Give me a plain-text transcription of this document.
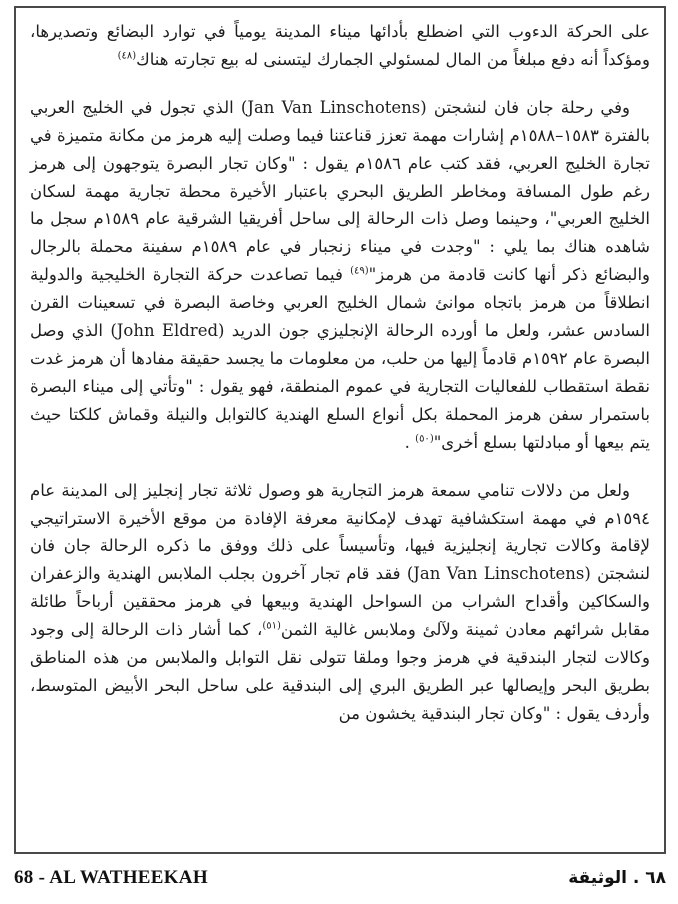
على الحركة الدءوب التي اضطلع بأدائها ميناء المدينة يومياً في توارد البضائع وتصديرها، ومؤكداً أنه دفع مبلغاً من المال لمسئولي الجمارك ليتسنى له بيع تجارته هناك$^{(٤٨)}$

وفي رحلة جان فان لنشجتن (Jan Van Linschotens) الذي تجول في الخليج العربي بالفترة ١٥٨٣–١٥٨٨م إشارات مهمة تعزز قناعتنا فيما وصلت إليه هرمز من مكانة متميزة في تجارة الخليج العربي، فقد كتب عام ١٥٨٦م يقول : "وكان تجار البصرة يتوجهون إلى هرمز رغم طول المسافة ومخاطر الطريق البحري باعتبار الأخيرة محطة تجارية مهمة لسكان الخليج العربي"، وحينما وصل ذات الرحالة إلى ساحل أفريقيا الشرقية عام ١٥٨٩م سجل ما شاهده هناك بما يلي : "وجدت في ميناء زنجبار في عام ١٥٨٩م سفينة محملة بالرجال والبضائع ذكر أنها كانت قادمة من هرمز"$^{(٤٩)}$ فيما تصاعدت حركة التجارة الخليجية والدولية انطلاقاً من هرمز باتجاه موانئ شمال الخليج العربي وخاصة البصرة في تسعينات القرن السادس عشر، ولعل ما أورده الرحالة الإنجليزي جون الدريد (John Eldred) الذي وصل البصرة عام ١٥٩٢م قادماً إليها من حلب، من معلومات ما يجسد حقيقة مفادها أن هرمز غدت نقطة استقطاب للفعاليات التجارية في عموم المنطقة، فهو يقول : "وتأتي إلى ميناء البصرة باستمرار سفن هرمز المحملة بكل أنواع السلع الهندية كالتوابل والنيلة وقماش كلكتا حيث يتم بيعها أو مبادلتها بسلع أخرى"$^{(٥٠)}$ .

ولعل من دلالات تنامي سمعة هرمز التجارية هو وصول ثلاثة تجار إنجليز إلى المدينة عام ١٥٩٤م في مهمة استكشافية تهدف لإمكانية معرفة الإفادة من موقع الأخيرة الاستراتيجي لإقامة وكالات تجارية إنجليزية فيها، وتأسيساً على ذلك ووفق ما ذكره الرحالة جان فان لنشجتن (Jan Van Linschotens) فقد قام تجار آخرون بجلب الملابس الهندية والزعفران والسكاكين وأقداح الشراب من السواحل الهندية وبيعها في هرمز محققين أرباحاً طائلة مقابل شرائهم معادن ثمينة ولآلئ وملابس غالية الثمن$^{(٥١)}$، كما أشار ذات الرحالة إلى وجود وكالات لتجار البندقية في هرمز وجوا وملقا تتولى نقل التوابل والملابس من هذه المناطق بطريق البحر وإيصالها عبر الطريق البري إلى البندقية على ساحل البحر الأبيض المتوسط، وأردف يقول : "وكان تجار البندقية يخشون من

68 - AL WATHEEKAH	٦٨ . الوثيقة
